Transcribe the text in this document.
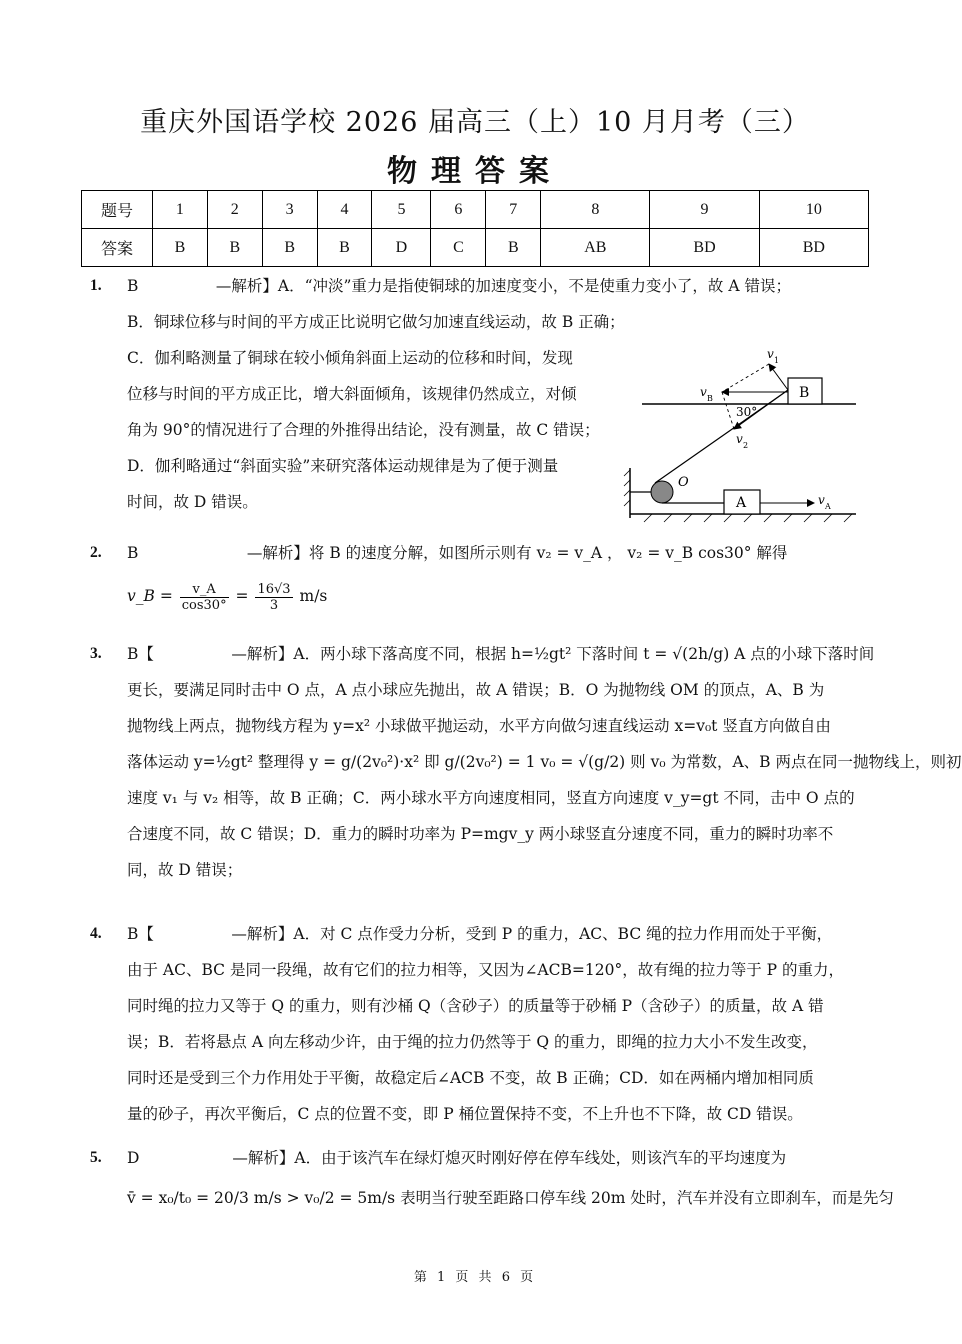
重庆外国语学校 2026 届高三（上）10 月月考（三）
物理答案
题号	1	2	3	4	5	6	7	8	9	10
答案	B	B	B	B	D	C	B	AB	BD	BD
1.	B　　　　　—解析】A．“冲淡”重力是指使铜球的加速度变小，不是使重力变小了，故 A 错误；
B．铜球位移与时间的平方成正比说明它做匀加速直线运动，故 B 正确；
C．伽利略测量了铜球在较小倾角斜面上运动的位移和时间，发现
位移与时间的平方成正比，增大斜面倾角，该规律仍然成立，对倾
角为 90°的情况进行了合理的外推得出结论，没有测量，故 C 错误；
D．伽利略通过“斜面实验”来研究落体运动规律是为了便于测量
时间，故 D 错误。
O
B
A	v A
v B
v 1
v 2
30°
2.	B　　　　　　　—解析】将 B 的速度分解，如图所示则有 v₂ = v_A ， v₂ = v_B cos30° 解得
v_B = $\frac{v\_A}{\cos 30^\circ} = \frac{16√3}{3} m/s$
3.	B【　　　　　—解析】A．两小球下落高度不同，根据 h=½gt² 下落时间 t = √(2h/g) A 点的小球下落时间
更长，要满足同时击中 O 点，A 点小球应先抛出，故 A 错误；B．O 为抛物线 OM 的顶点，A、B 为
抛物线上两点，抛物线方程为 y=x² 小球做平抛运动，水平方向做匀速直线运动 x=v₀t 竖直方向做自由
落体运动 y=½gt² 整理得 y = g/(2v₀²)·x² 即 g/(2v₀²) = 1 v₀ = √(g/2) 则 v₀ 为常数，A、B 两点在同一抛物线上，则初
速度 v₁ 与 v₂ 相等，故 B 正确；C．两小球水平方向速度相同，竖直方向速度 v_y=gt 不同，击中 O 点的
合速度不同，故 C 错误；D．重力的瞬时功率为 P=mgv_y 两小球竖直分速度不同，重力的瞬时功率不
同，故 D 错误；
4.	B【　　　　　—解析】A．对 C 点作受力分析，受到 P 的重力，AC、BC 绳的拉力作用而处于平衡，
由于 AC、BC 是同一段绳，故有它们的拉力相等，又因为∠ACB=120°，故有绳的拉力等于 P 的重力，
同时绳的拉力又等于 Q 的重力，则有沙桶 Q（含砂子）的质量等于砂桶 P（含砂子）的质量，故 A 错
误；B．若将悬点 A 向左移动少许，由于绳的拉力仍然等于 Q 的重力，即绳的拉力大小不发生改变，
同时还是受到三个力作用处于平衡，故稳定后∠ACB 不变，故 B 正确；CD．如在两桶内增加相同质
量的砂子，再次平衡后，C 点的位置不变，即 P 桶位置保持不变，不上升也不下降，故 CD 错误。
5.	D　　　　　　—解析】A．由于该汽车在绿灯熄灭时刚好停在停车线处，则该汽车的平均速度为
v̄ = x₀/t₀ = 20/3 m/s > v₀/2 = 5m/s 表明当行驶至距路口停车线 20m 处时，汽车并没有立即刹车，而是先匀
第 1 页 共 6 页
